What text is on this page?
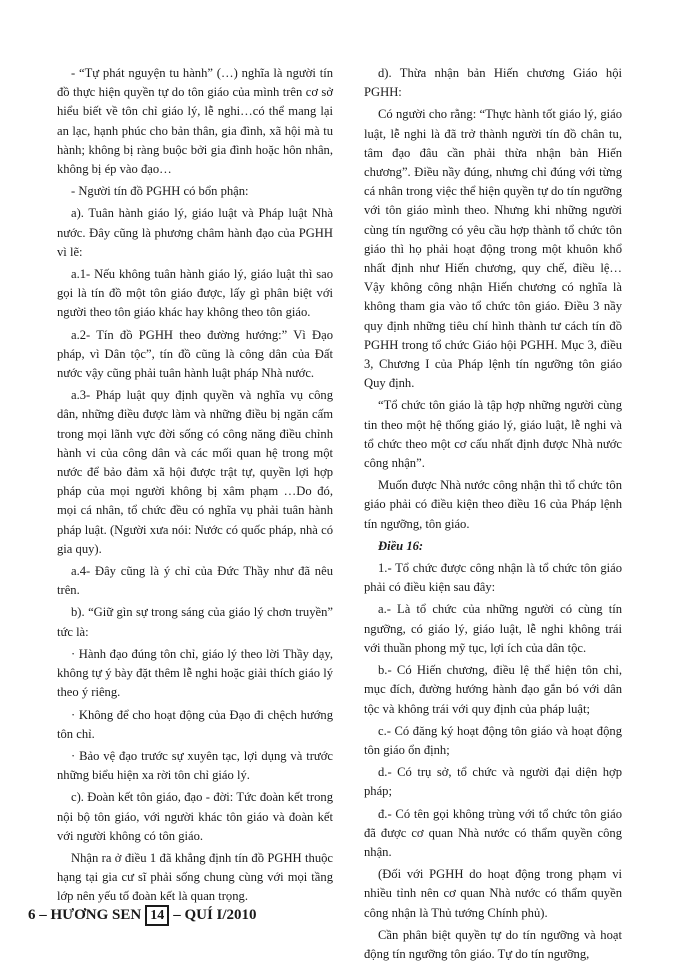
- “Tự phát nguyện tu hành” (…) nghĩa là người tín đồ thực hiện quyền tự do tôn giáo của mình trên cơ sở hiểu biết về tôn chỉ giáo lý, lễ nghi…có thể mang lại an lạc, hạnh phúc cho bản thân, gia đình, xã hội mà tu hành; không bị ràng buộc bởi gia đình hoặc hôn nhân, không bị ép vào đạo…

- Người tín đồ PGHH có bổn phận:

a). Tuân hành giáo lý, giáo luật và Pháp luật Nhà nước. Đây cũng là phương châm hành đạo của PGHH vì lẽ:

a.1- Nếu không tuân hành giáo lý, giáo luật thì sao gọi là tín đồ một tôn giáo được, lấy gì phân biệt với người theo tôn giáo khác hay không theo tôn giáo.

a.2- Tín đồ PGHH theo đường hướng:” Vì Đạo pháp, vì Dân tộc”, tín đồ cũng là công dân của Đất nước vậy cũng phải tuân hành luật pháp Nhà nước.

a.3- Pháp luật quy định quyền và nghĩa vụ công dân, những điều được làm và những điều bị ngăn cấm trong mọi lãnh vực đời sống có công năng điều chỉnh hành vi của công dân và các mối quan hệ trong một nước để bảo đảm xã hội được trật tự, quyền lợi hợp pháp của mọi người không bị xâm phạm …Do đó, mọi cá nhân, tổ chức đều có nghĩa vụ phải tuân hành pháp luật. (Người xưa nói: Nước có quốc pháp, nhà có gia quy).

a.4- Đây cũng là ý chỉ của Đức Thầy như đã nêu trên.

b). “Giữ gìn sự trong sáng của giáo lý chơn truyền” tức là:

· Hành đạo đúng tôn chỉ, giáo lý theo lời Thầy dạy, không tự ý bày đặt thêm lễ nghi hoặc giải thích giáo lý theo ý riêng.

· Không để cho hoạt động của Đạo đi chệch hướng tôn chỉ.

· Bảo vệ đạo trước sự xuyên tạc, lợi dụng và trước những biểu hiện xa rời tôn chỉ giáo lý.

c). Đoàn kết tôn giáo, đạo - đời: Tức đoàn kết trong nội bộ tôn giáo, với người khác tôn giáo và đoàn kết với người không có tôn giáo.

Nhận ra ở điều 1 đã khẳng định tín đồ PGHH thuộc hạng tại gia cư sĩ phải sống chung cùng với mọi tầng lớp nên yếu tố đoàn kết là quan trọng.

d). Thừa nhận bản Hiến chương Giáo hội PGHH:

Có người cho rằng: “Thực hành tốt giáo lý, giáo luật, lễ nghi là đã trở thành người tín đồ chân tu, tâm đạo đâu cần phải thừa nhận bản Hiến chương”. Điều nầy đúng, nhưng chỉ đúng với từng cá nhân trong việc thể hiện quyền tự do tín ngưỡng với tôn giáo mình theo. Nhưng khi những người cùng tín ngưỡng có yêu cầu hợp thành tổ chức tôn giáo thì họ phải hoạt động trong một khuôn khổ nhất định như Hiến chương, quy chế, điều lệ…Vậy không công nhận Hiến chương có nghĩa là không tham gia vào tổ chức tôn giáo. Điều 3 nầy quy định những tiêu chí hình thành tư cách tín đồ PGHH trong tổ chức Giáo hội PGHH. Mục 3, điều 3, Chương I của Pháp lệnh tín ngưỡng tôn giáo Quy định.

“Tổ chức tôn giáo là tập hợp những người cùng tin theo một hệ thống giáo lý, giáo luật, lễ nghi và tổ chức theo một cơ cấu nhất định được Nhà nước công nhận”.

Muốn được Nhà nước công nhận thì tổ chức tôn giáo phải có điều kiện theo điều 16 của Pháp lệnh tín ngưỡng, tôn giáo.

Điều 16:

1.- Tổ chức được công nhận là tổ chức tôn giáo phải có điều kiện sau đây:

a.- Là tổ chức của những người có cùng tín ngưỡng, có giáo lý, giáo luật, lễ nghi không trái với thuần phong mỹ tục, lợi ích của dân tộc.

b.- Có Hiến chương, điều lệ thể hiện tôn chỉ, mục đích, đường hướng hành đạo gắn bó với dân tộc và không trái với quy định của pháp luật;

c.- Có đăng ký hoạt động tôn giáo và hoạt động tôn giáo ổn định;

d.- Có trụ sở, tổ chức và người đại diện hợp pháp;

đ.- Có tên gọi không trùng với tổ chức tôn giáo đã được cơ quan Nhà nước có thẩm quyền công nhận.

(Đối với PGHH do hoạt động trong phạm vi nhiều tỉnh nên cơ quan Nhà nước có thẩm quyền công nhận là Thủ tướng Chính phủ).

Cần phân biệt quyền tự do tín ngưỡng và hoạt động tín ngưỡng tôn giáo. Tự do tín ngưỡng,

6
– HƯƠNG SEN 14 – QUÍ I/2010
